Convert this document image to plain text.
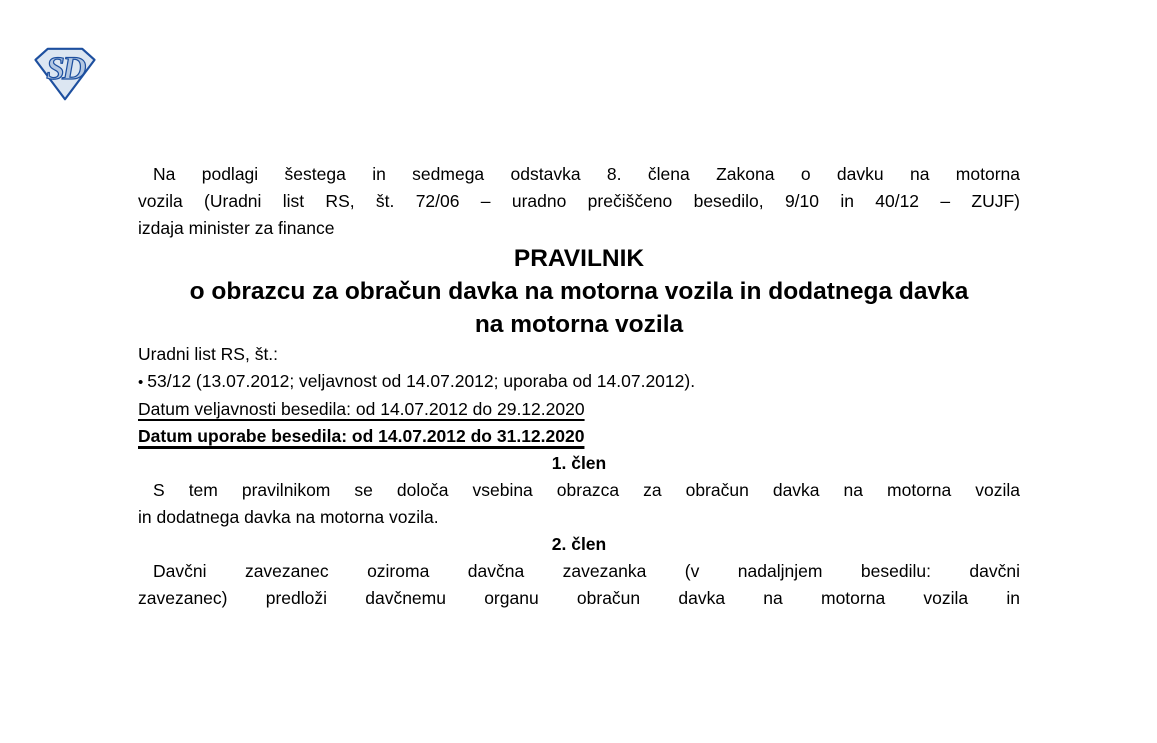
SD
Na podlagi šestega in sedmega odstavka 8. člena Zakona o davku na motorna
vozila (Uradni list RS, št. 72/06 – uradno prečiščeno besedilo, 9/10 in 40/12 – ZUJF)
izdaja minister za finance
PRAVILNIK
o obrazcu za obračun davka na motorna vozila in dodatnega davka
na motorna vozila
Uradni list RS, št.:
• 53/12 (13.07.2012; veljavnost od 14.07.2012; uporaba od 14.07.2012).
Datum veljavnosti besedila: od 14.07.2012 do 29.12.2020
Datum uporabe besedila: od 14.07.2012 do 31.12.2020
1. člen
S tem pravilnikom se določa vsebina obrazca za obračun davka na motorna vozila
in dodatnega davka na motorna vozila.
2. člen
Davčni zavezanec oziroma davčna zavezanka (v nadaljnjem besedilu: davčni
zavezanec) predloži davčnemu organu obračun davka na motorna vozila in
